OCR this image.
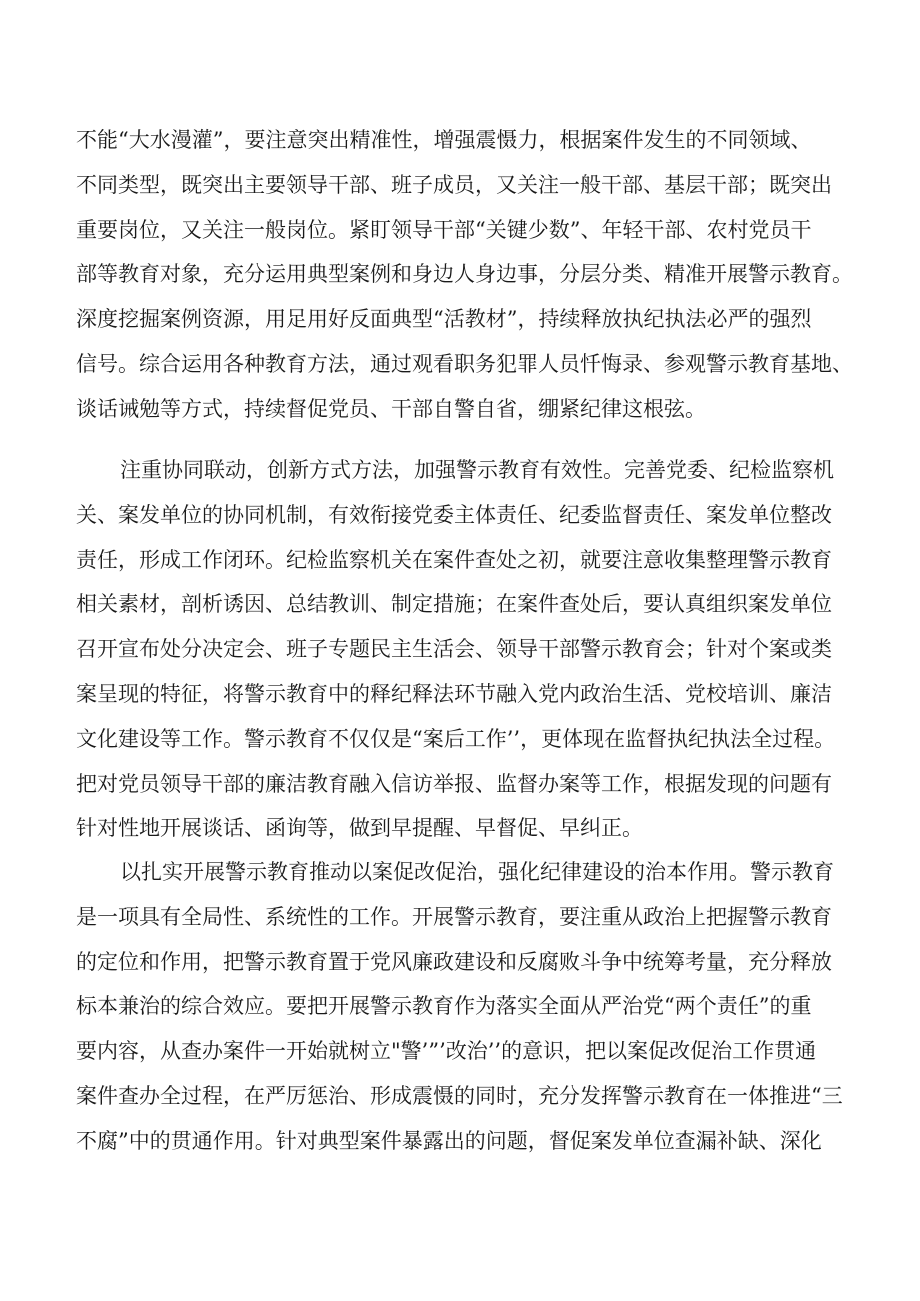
不能“大水漫灌”，要注意突出精准性，增强震慑力，根据案件发生的不同领域、
不同类型，既突出主要领导干部、班子成员，又关注一般干部、基层干部；既突出
重要岗位，又关注一般岗位。紧盯领导干部“关键少数”、年轻干部、农村党员干
部等教育对象，充分运用典型案例和身边人身边事，分层分类、精准开展警示教育。
深度挖掘案例资源，用足用好反面典型“活教材”，持续释放执纪执法必严的强烈
信号。综合运用各种教育方法，通过观看职务犯罪人员忏悔录、参观警示教育基地、
谈话诫勉等方式，持续督促党员、干部自警自省，绷紧纪律这根弦。
注重协同联动，创新方式方法，加强警示教育有效性。完善党委、纪检监察机
关、案发单位的协同机制，有效衔接党委主体责任、纪委监督责任、案发单位整改
责任，形成工作闭环。纪检监察机关在案件查处之初，就要注意收集整理警示教育
相关素材，剖析诱因、总结教训、制定措施；在案件查处后，要认真组织案发单位
召开宣布处分决定会、班子专题民主生活会、领导干部警示教育会；针对个案或类
案呈现的特征，将警示教育中的释纪释法环节融入党内政治生活、党校培训、廉洁
文化建设等工作。警示教育不仅仅是“案后工作’’，更体现在监督执纪执法全过程。
把对党员领导干部的廉洁教育融入信访举报、监督办案等工作，根据发现的问题有
针对性地开展谈话、函询等，做到早提醒、早督促、早纠正。
以扎实开展警示教育推动以案促改促治，强化纪律建设的治本作用。警示教育
是一项具有全局性、系统性的工作。开展警示教育，要注重从政治上把握警示教育
的定位和作用，把警示教育置于党风廉政建设和反腐败斗争中统筹考量，充分释放
标本兼治的综合效应。要把开展警示教育作为落实全面从严治党“两个责任”的重
要内容，从查办案件一开始就树立"警’”’改治’’的意识，把以案促改促治工作贯通
案件查办全过程，在严厉惩治、形成震慑的同时，充分发挥警示教育在一体推进“三
不腐”中的贯通作用。针对典型案件暴露出的问题，督促案发单位查漏补缺、深化
